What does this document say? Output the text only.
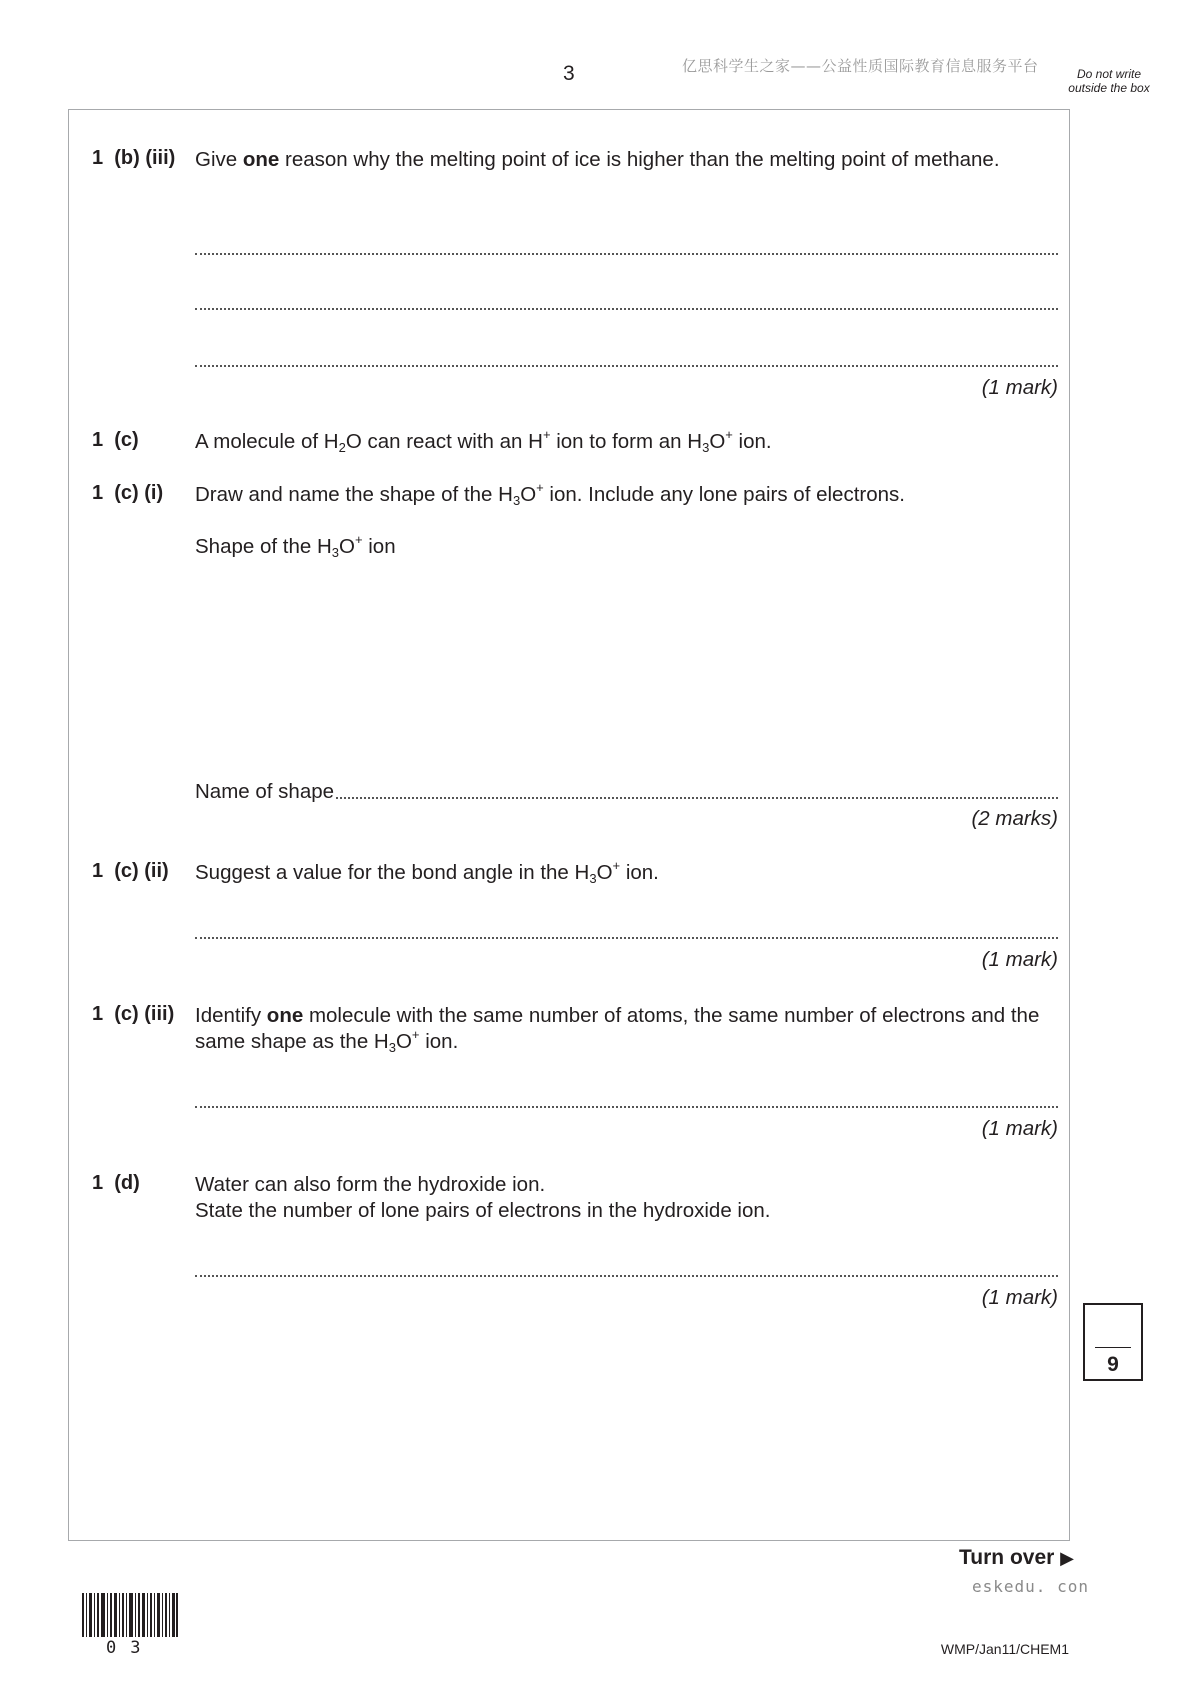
3	亿思科学生之家——公益性质国际教育信息服务平台	Do not write outside the box
1  (b) (iii) Give one reason why the melting point of ice is higher than the melting point of methane.
(1 mark)
1  (c)	A molecule of $H_2O$ can react with an H+ ion to form an $H_3O^+$ ion.
1  (c) (i) Draw and name the shape of the $H_3O^+$ ion. Include any lone pairs of electrons.
Shape of the $H_3O^+$ ion
Name of shape
(2 marks)
1  (c) (ii) Suggest a value for the bond angle in the $H_3O^+$ ion.
(1 mark)
1  (c) (iii) Identify one molecule with the same number of atoms, the same number of electrons and the same shape as the $H_3O^+$ ion.
(1 mark)
1  (d)	Water can also form the hydroxide ion.
State the number of lone pairs of electrons in the hydroxide ion.
(1 mark)
9
Turn over ▶
eskedu. con
03	WMP/Jan11/CHEM1
